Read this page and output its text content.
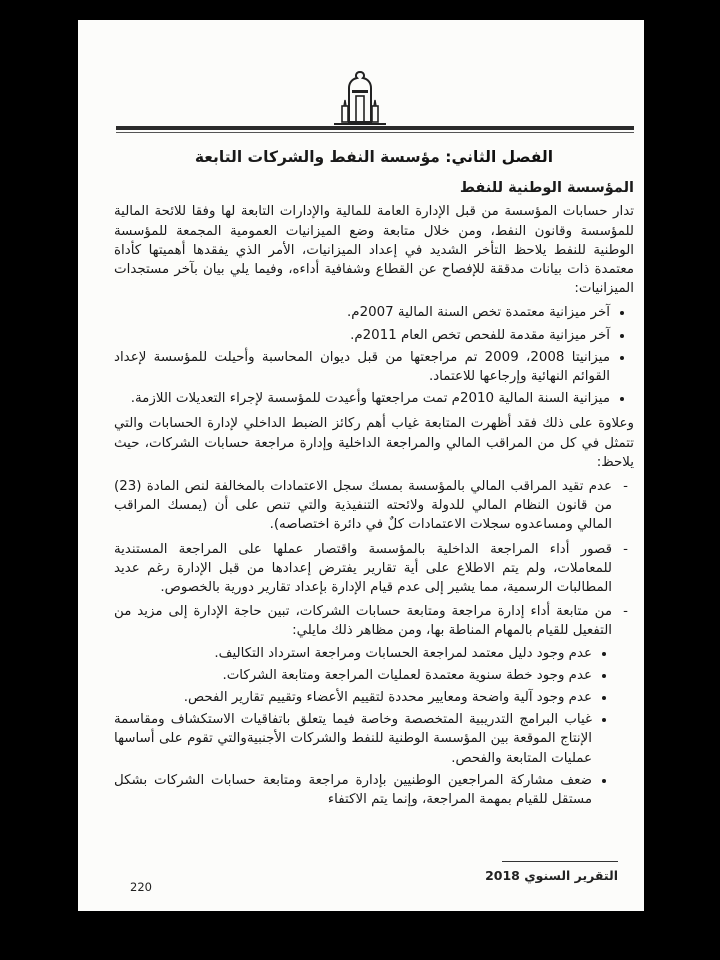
الفصل الثاني: مؤسسة النفط والشركات التابعة
المؤسسة الوطنية للنفط

تدار حسابات المؤسسة من قبل الإدارة العامة للمالية والإدارات التابعة لها وفقا للائحة المالية للمؤسسة وقانون النفط، ومن خلال متابعة وضع الميزانيات العمومية المجمعة للمؤسسة الوطنية للنفط يلاحظ التأخر الشديد في إعداد الميزانيات، الأمر الذي يفقدها أهميتها كأداة معتمدة ذات بيانات مدققة للإفصاح عن القطاع وشفافية أداءه، وفيما يلي بيان بآخر مستجدات الميزانيات:

• آخر ميزانية معتمدة تخص السنة المالية 2007م.
• آخر ميزانية مقدمة للفحص تخص العام 2011م.
• ميزانيتا 2008، 2009 تم مراجعتها من قبل ديوان المحاسبة وأحيلت للمؤسسة لإعداد القوائم النهائية وإرجاعها للاعتماد.
• ميزانية السنة المالية 2010م تمت مراجعتها وأعيدت للمؤسسة لإجراء التعديلات اللازمة.

وعلاوة على ذلك فقد أظهرت المتابعة غياب أهم ركائز الضبط الداخلي لإدارة الحسابات والتي تتمثل في كل من المراقب المالي والمراجعة الداخلية وإدارة مراجعة حسابات الشركات، حيث يلاحظ:

- عدم تقيد المراقب المالي بالمؤسسة بمسك سجل الاعتمادات بالمخالفة لنص المادة (23) من قانون النظام المالي للدولة ولائحته التنفيذية والتي تنص على أن (يمسك المراقب المالي ومساعدوه سجلات الاعتمادات كلٌ في دائرة اختصاصه).
- قصور أداء المراجعة الداخلية بالمؤسسة واقتصار عملها على المراجعة المستندية للمعاملات، ولم يتم الاطلاع على أية تقارير يفترض إعدادها من قبل الإدارة رغم عديد المطالبات الرسمية، مما يشير إلى عدم قيام الإدارة بإعداد تقارير دورية بالخصوص.
- من متابعة أداء إدارة مراجعة ومتابعة حسابات الشركات، تبين حاجة الإدارة إلى مزيد من التفعيل للقيام بالمهام المناطة بها، ومن مظاهر ذلك مايلي:
• عدم وجود دليل معتمد لمراجعة الحسابات ومراجعة استرداد التكاليف.
• عدم وجود خطة سنوية معتمدة لعمليات المراجعة ومتابعة الشركات.
• عدم وجود آلية واضحة ومعايير محددة لتقييم الأعضاء وتقييم تقارير الفحص.
• غياب البرامج التدريبية المتخصصة وخاصة فيما يتعلق باتفاقيات الاستكشاف ومقاسمة الإنتاج الموقعة بين المؤسسة الوطنية للنفط والشركات الأجنبيةوالتي تقوم على أساسها عمليات المتابعة والفحص.
• ضعف مشاركة المراجعين الوطنيين بإدارة مراجعة ومتابعة حسابات الشركات بشكل مستقل للقيام بمهمة المراجعة، وإنما يتم الاكتفاء
التقرير السنوي 2018
220
